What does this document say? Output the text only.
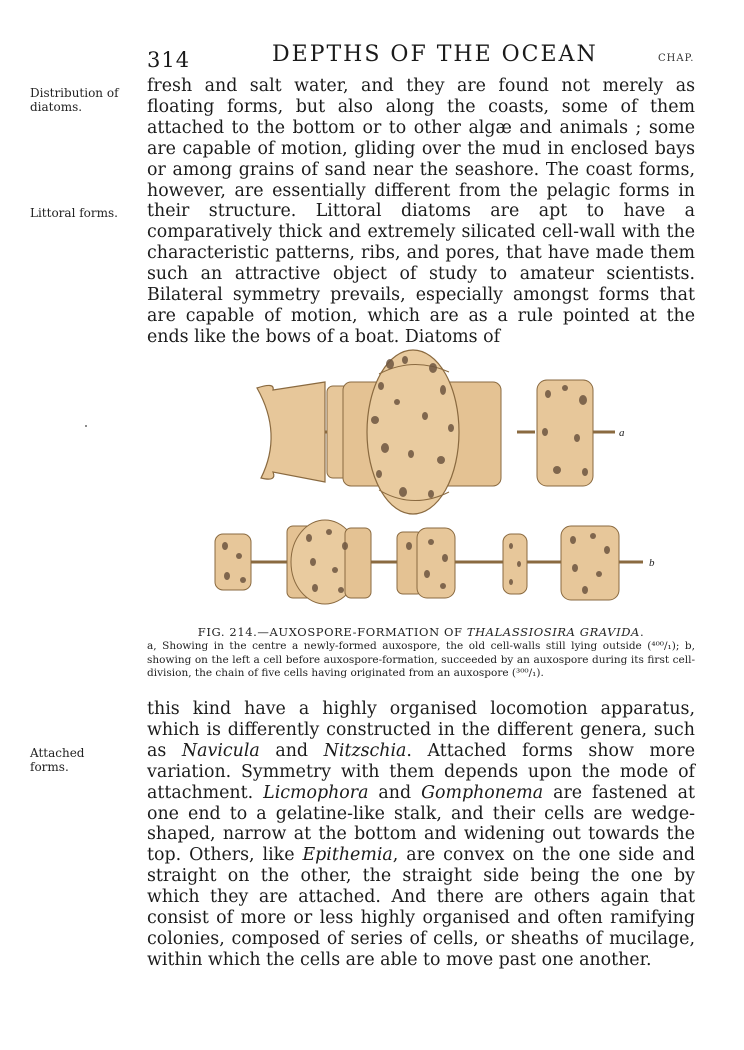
314	DEPTHS OF THE OCEAN	CHAP.
Distribution of diatoms.
Littoral forms.
Attached forms.
fresh and salt water, and they are found not merely as floating forms, but also along the coasts, some of them attached to the bottom or to other algæ and animals ; some are capable of motion, gliding over the mud in enclosed bays or among grains of sand near the seashore. The coast forms, however, are essentially different from the pelagic forms in their structure. Littoral diatoms are apt to have a comparatively thick and extremely silicated cell-wall with the characteristic patterns, ribs, and pores, that have made them such an attractive object of study to amateur scientists. Bilateral symmetry prevails, especially amongst forms that are capable of motion, which are as a rule pointed at the ends like the bows of a boat. Diatoms of
a
b
FIG. 214.—AUXOSPORE-FORMATION OF THALASSIOSIRA GRAVIDA.
a, Showing in the centre a newly-formed auxospore, the old cell-walls still lying outside (⁴⁰⁰/₁); b, showing on the left a cell before auxospore-formation, succeeded by an auxospore during its first cell-division, the chain of five cells having originated from an auxospore (³⁰⁰/₁).
this kind have a highly organised locomotion apparatus, which is differently constructed in the different genera, such as Navicula and Nitzschia. Attached forms show more variation. Symmetry with them depends upon the mode of attachment. Licmophora and Gomphonema are fastened at one end to a gelatine-like stalk, and their cells are wedge-shaped, narrow at the bottom and widening out towards the top. Others, like Epithemia, are convex on the one side and straight on the other, the straight side being the one by which they are attached. And there are others again that consist of more or less highly organised and often ramifying colonies, composed of series of cells, or sheaths of mucilage, within which the cells are able to move past one another.
